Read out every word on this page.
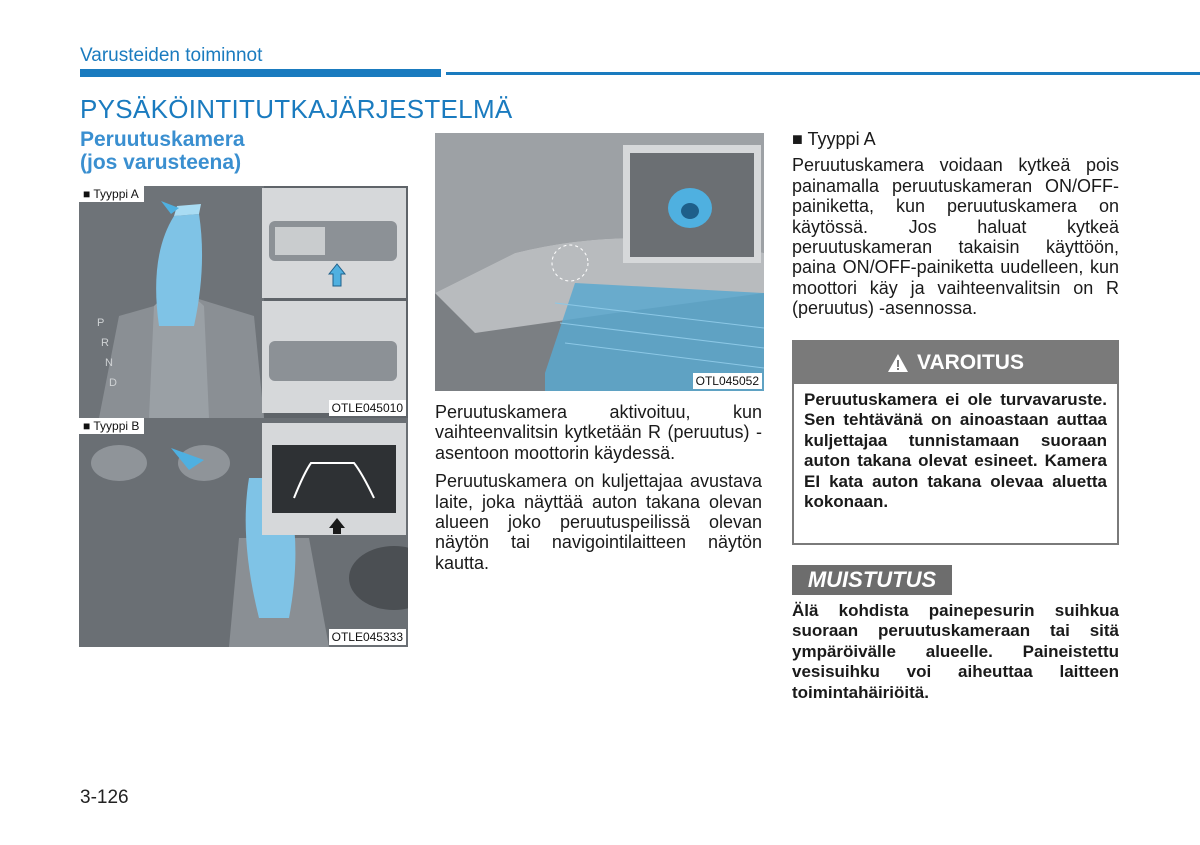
Varusteiden toiminnot
PYSÄKÖINTITUTKAJÄRJESTELMÄ
Peruutuskamera
(jos varusteena)
P
R
N
D
■ Tyyppi A
OTLE045010
■ Tyyppi B
OTLE045333
OTL045052

Peruutuskamera aktivoituu, kun vaihteenvalitsin kytketään R (peruutus) -asentoon moottorin käydessä.

Peruutuskamera on kuljettajaa avustava laite, joka näyttää auton takana olevan alueen joko peruutuspeilissä olevan näytön tai navigointilaitteen näytön kautta.

■ Tyyppi A

Peruutuskamera voidaan kytkeä pois painamalla peruutuskameran ON/OFF-painiketta, kun peruutuskamera on käytössä. Jos haluat kytkeä peruutuskameran takaisin käyttöön, paina ON/OFF-painiketta uudelleen, kun moottori käy ja vaihteenvalitsin on R (peruutus) -asennossa.

VAROITUS
Peruutuskamera ei ole turvavaruste. Sen tehtävänä on ainoastaan auttaa kuljettajaa tunnistamaan suoraan auton takana olevat esineet. Kamera EI kata auton takana olevaa aluetta kokonaan.
MUISTUTUS
Älä kohdista painepesurin suihkua suoraan peruutuskameraan tai sitä ympäröivälle alueelle. Paineistettu vesisuihku voi aiheuttaa laitteen toimintahäiriöitä.
3-126
